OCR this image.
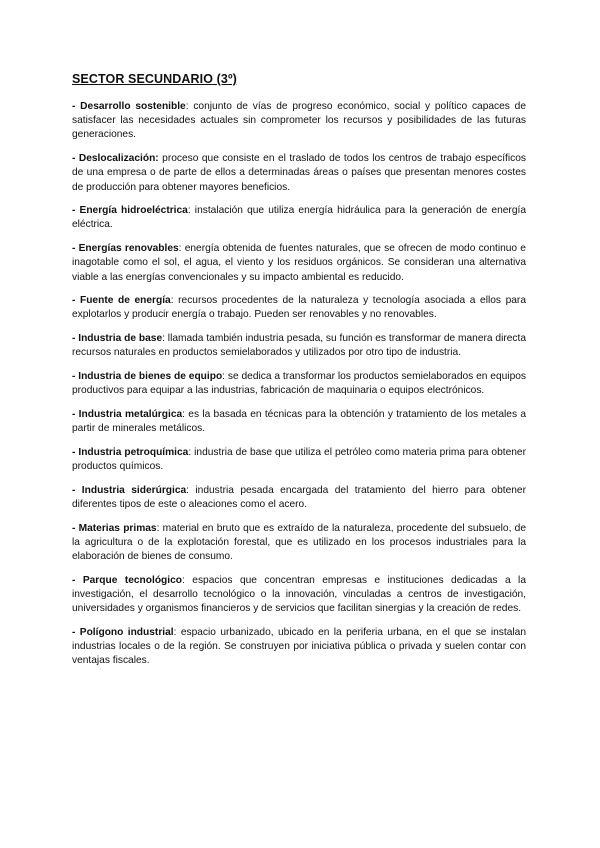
SECTOR SECUNDARIO (3º)

- Desarrollo sostenible: conjunto de vías de progreso económico, social y político capaces de satisfacer las necesidades actuales sin comprometer los recursos y posibilidades de las futuras generaciones.

- Deslocalización: proceso que consiste en el traslado de todos los centros de trabajo específicos de una empresa o de parte de ellos a determinadas áreas o países que presentan menores costes de producción para obtener mayores beneficios.

- Energía hidroeléctrica: instalación que utiliza energía hidráulica para la generación de energía eléctrica.

- Energías renovables: energía obtenida de fuentes naturales, que se ofrecen de modo continuo e inagotable como el sol, el agua, el viento y los residuos orgánicos. Se consideran una alternativa viable a las energías convencionales y su impacto ambiental es reducido.

- Fuente de energía: recursos procedentes de la naturaleza y tecnología asociada a ellos para explotarlos y producir energía o trabajo. Pueden ser renovables y no renovables.

- Industria de base: llamada también industria pesada, su función es transformar de manera directa recursos naturales en productos semielaborados y utilizados por otro tipo de industria.

- Industria de bienes de equipo: se dedica a transformar los productos semielaborados en equipos productivos para equipar a las industrias, fabricación de maquinaria o equipos electrónicos.

- Industria metalúrgica: es la basada en técnicas para la obtención y tratamiento de los metales a partir de minerales metálicos.

- Industria petroquímica: industria de base que utiliza el petróleo como materia prima para obtener productos químicos.

- Industria siderúrgica: industria pesada encargada del tratamiento del hierro para obtener diferentes tipos de este o aleaciones como el acero.

- Materias primas: material en bruto que es extraído de la naturaleza, procedente del subsuelo, de la agricultura o de la explotación forestal, que es utilizado en los procesos industriales para la elaboración de bienes de consumo.

- Parque tecnológico: espacios que concentran empresas e instituciones dedicadas a la investigación, el desarrollo tecnológico o la innovación, vinculadas a centros de investigación, universidades y organismos financieros y de servicios que facilitan sinergias y la creación de redes.

- Polígono industrial: espacio urbanizado, ubicado en la periferia urbana, en el que se instalan industrias locales o de la región. Se construyen por iniciativa pública o privada y suelen contar con ventajas fiscales.
